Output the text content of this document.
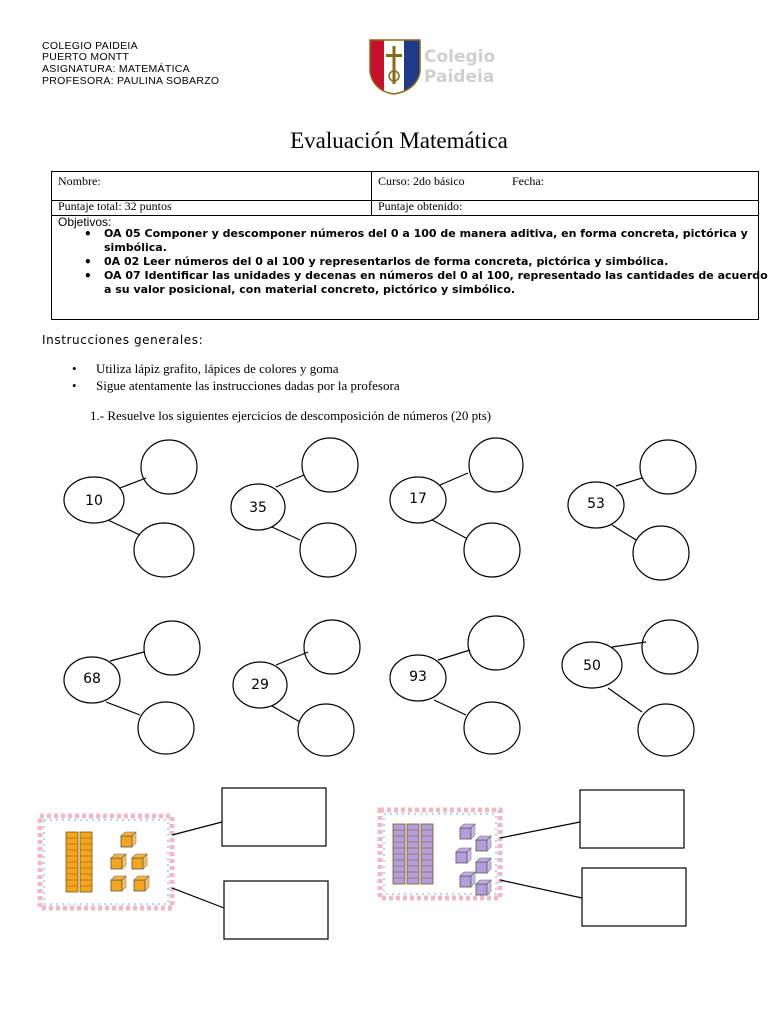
COLEGIO PAIDEIA
PUERTO MONTT
ASIGNATURA: MATEMÁTICA
PROFESORA: PAULINA SOBARZO
Colegio
Paideia
Evaluación Matemática
Nombre:	Curso: 2do básico	Fecha:
Puntaje total: 32 puntos	Puntaje obtenido:
Objetivos:
• OA 05 Componer y descomponer números del 0 a 100 de manera aditiva, en forma concreta, pictórica y simbólica.
• 0A 02 Leer números del 0 al 100 y representarlos de forma concreta, pictórica y simbólica.
• OA 07 Identificar las unidades y decenas en números del 0 al 100, representado las cantidades de acuerdo a su valor posicional, con material concreto, pictórico y simbólico.
Instrucciones generales:
• Utiliza lápiz grafito, lápices de colores y goma
• Sigue atentamente las instrucciones dadas por la profesora
1.- Resuelve los siguientes ejercicios de descomposición de números (20 pts)
10	35
17	53
68	29	93
50
